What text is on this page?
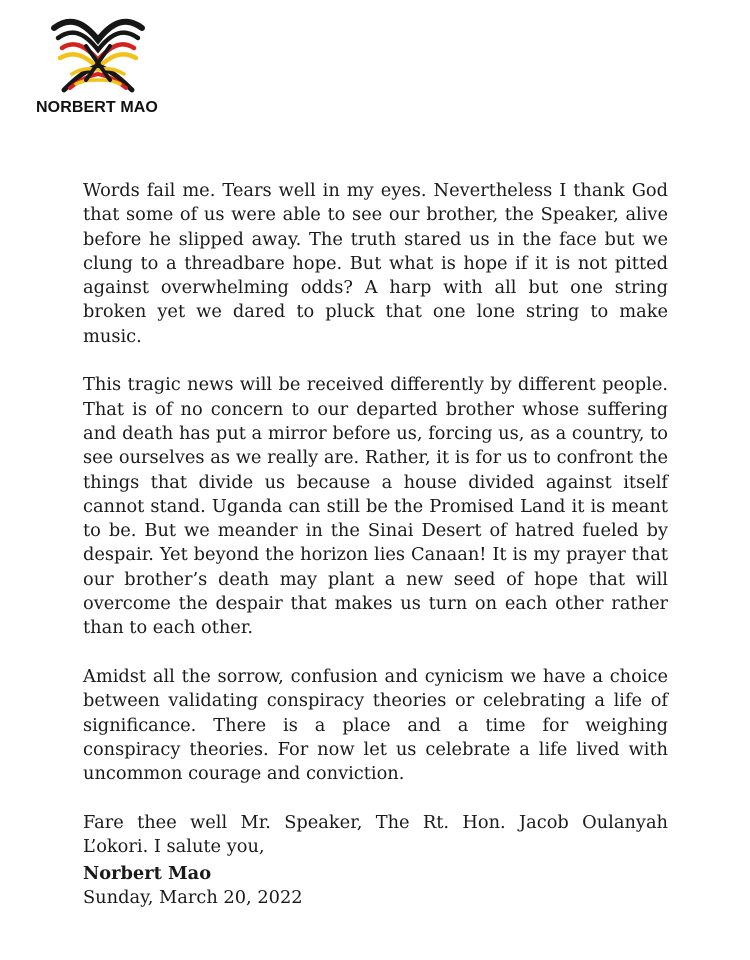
NORBERT MAO

Words fail me. Tears well in my eyes. Nevertheless I thank God that some of us were able to see our brother, the Speaker, alive before he slipped away. The truth stared us in the face but we clung to a threadbare hope. But what is hope if it is not pitted against overwhelming odds? A harp with all but one string broken yet we dared to pluck that one lone string to make music.

This tragic news will be received differently by different people. That is of no concern to our departed brother whose suffering and death has put a mirror before us, forcing us, as a country, to see ourselves as we really are. Rather, it is for us to confront the things that divide us because a house divided against itself cannot stand. Uganda can still be the Promised Land it is meant to be. But we meander in the Sinai Desert of hatred fueled by despair. Yet beyond the horizon lies Canaan! It is my prayer that our brother’s death may plant a new seed of hope that will overcome the despair that makes us turn on each other rather than to each other.

Amidst all the sorrow, confusion and cynicism we have a choice between validating conspiracy theories or celebrating a life of significance. There is a place and a time for weighing conspiracy theories. For now let us celebrate a life lived with uncommon courage and conviction.

Fare thee well Mr. Speaker, The Rt. Hon. Jacob Oulanyah L’okori. I salute you,

Norbert Mao
Sunday, March 20, 2022
